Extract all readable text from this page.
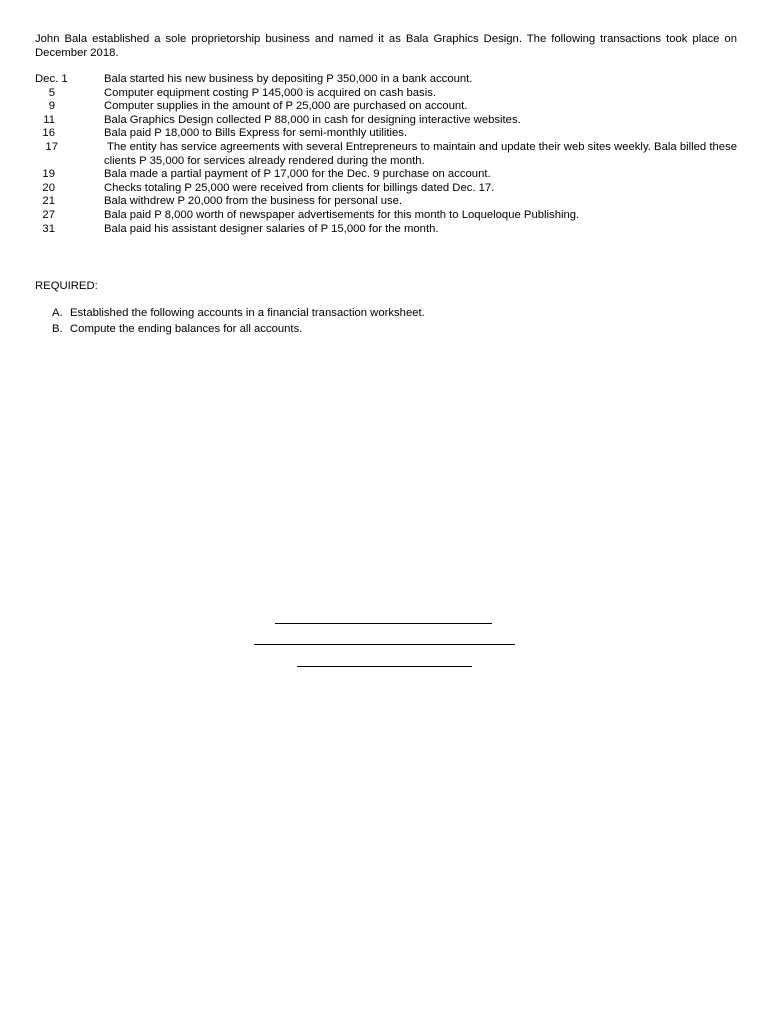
John Bala established a sole proprietorship business and named it as Bala Graphics Design. The following transactions took place on December 2018.
Dec. 1	Bala started his new business by depositing P 350,000 in a bank account.
5	Computer equipment costing P 145,000 is acquired on cash basis.
9	Computer supplies in the amount of P 25,000 are purchased on account.
11	Bala Graphics Design collected P 88,000 in cash for designing interactive websites.
16	Bala paid P 18,000 to Bills Express for semi-monthly utilities.
17	The entity has service agreements with several Entrepreneurs to maintain and update their web sites weekly. Bala billed these clients P 35,000 for services already rendered during the month.
19	Bala made a partial payment of P 17,000 for the Dec. 9 purchase on account.
20	Checks totaling P 25,000 were received from clients for billings dated Dec. 17.
21	Bala withdrew P 20,000 from the business for personal use.
27	Bala paid P 8,000 worth of newspaper advertisements for this month to Loqueloque Publishing.
31	Bala paid his assistant designer salaries of P 15,000 for the month.
REQUIRED:
A. Established the following accounts in a financial transaction worksheet.
B. Compute the ending balances for all accounts.
